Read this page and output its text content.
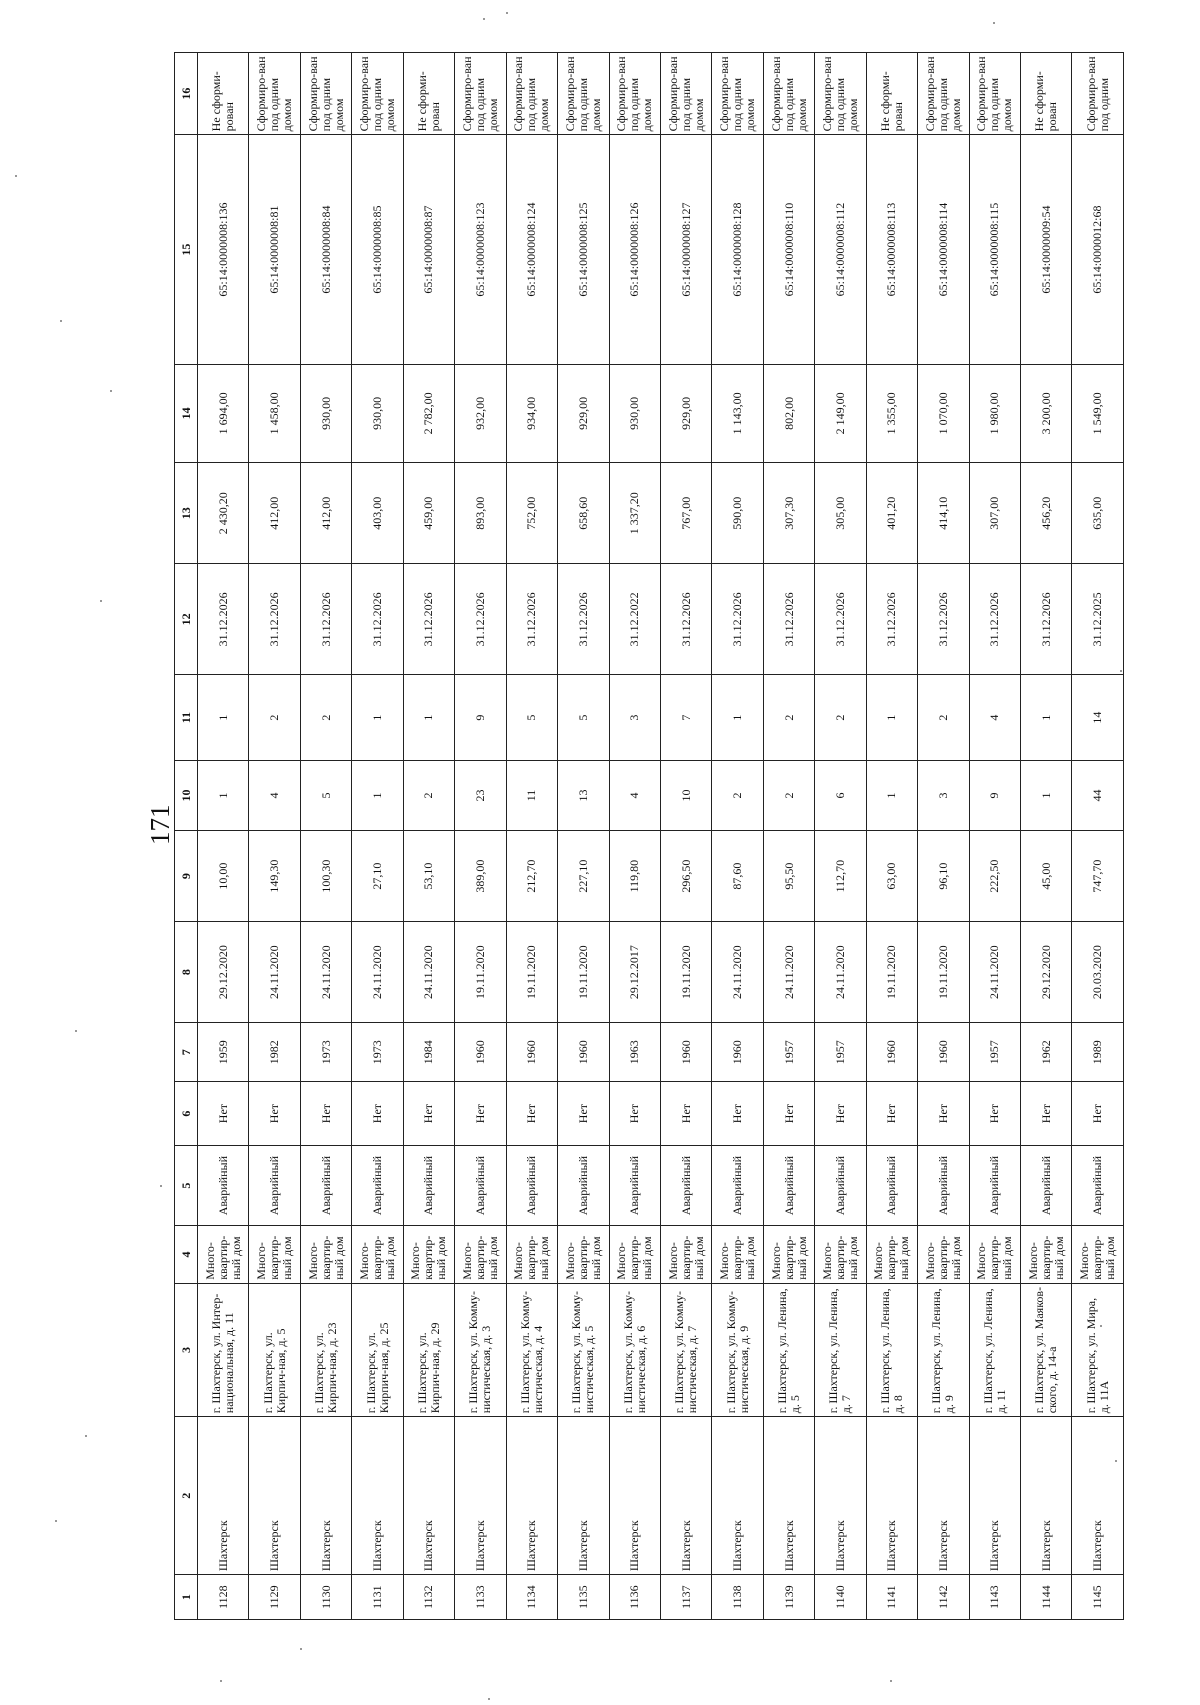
171
1	2	3	4	5	6	7	8	9	10	11	12	13	14	15	16
1128	Шахтерск	г. Шахтерск, ул. Интер-национальная, д. 11	Много-квартир-ный дом	Аварийный	Нет	1959	29.12.2020	10,00	1	1	31.12.2026	2 430,20	1 694,00	65:14:0000008:136	Не сформи-рован
1129	Шахтерск	г. Шахтерск, ул. Кирпич-ная, д. 5	Много-квартир-ный дом	Аварийный	Нет	1982	24.11.2020	149,30	4	2	31.12.2026	412,00	1 458,00	65:14:0000008:81	Сформиро-ван под одним домом
1130	Шахтерск	г. Шахтерск, ул. Кирпич-ная, д. 23	Много-квартир-ный дом	Аварийный	Нет	1973	24.11.2020	100,30	5	2	31.12.2026	412,00	930,00	65:14:0000008:84	Сформиро-ван под одним домом
1131	Шахтерск	г. Шахтерск, ул. Кирпич-ная, д. 25	Много-квартир-ный дом	Аварийный	Нет	1973	24.11.2020	27,10	1	1	31.12.2026	403,00	930,00	65:14:0000008:85	Сформиро-ван под одним домом
1132	Шахтерск	г. Шахтерск, ул. Кирпич-ная, д. 29	Много-квартир-ный дом	Аварийный	Нет	1984	24.11.2020	53,10	2	1	31.12.2026	459,00	2 782,00	65:14:0000008:87	Не сформи-рован
1133	Шахтерск	г. Шахтерск, ул. Комму-нистическая, д. 3	Много-квартир-ный дом	Аварийный	Нет	1960	19.11.2020	389,00	23	9	31.12.2026	893,00	932,00	65:14:0000008:123	Сформиро-ван под одним домом
1134	Шахтерск	г. Шахтерск, ул. Комму-нистическая, д. 4	Много-квартир-ный дом	Аварийный	Нет	1960	19.11.2020	212,70	11	5	31.12.2026	752,00	934,00	65:14:0000008:124	Сформиро-ван под одним домом
1135	Шахтерск	г. Шахтерск, ул. Комму-нистическая, д. 5	Много-квартир-ный дом	Аварийный	Нет	1960	19.11.2020	227,10	13	5	31.12.2026	658,60	929,00	65:14:0000008:125	Сформиро-ван под одним домом
1136	Шахтерск	г. Шахтерск, ул. Комму-нистическая, д. 6	Много-квартир-ный дом	Аварийный	Нет	1963	29.12.2017	119,80	4	3	31.12.2022	1 337,20	930,00	65:14:0000008:126	Сформиро-ван под одним домом
1137	Шахтерск	г. Шахтерск, ул. Комму-нистическая, д. 7	Много-квартир-ный дом	Аварийный	Нет	1960	19.11.2020	296,50	10	7	31.12.2026	767,00	929,00	65:14:0000008:127	Сформиро-ван под одним домом
1138	Шахтерск	г. Шахтерск, ул. Комму-нистическая, д. 9	Много-квартир-ный дом	Аварийный	Нет	1960	24.11.2020	87,60	2	1	31.12.2026	590,00	1 143,00	65:14:0000008:128	Сформиро-ван под одним домом
1139	Шахтерск	г. Шахтерск, ул. Ленина, д. 5	Много-квартир-ный дом	Аварийный	Нет	1957	24.11.2020	95,50	2	2	31.12.2026	307,30	802,00	65:14:0000008:110	Сформиро-ван под одним домом
1140	Шахтерск	г. Шахтерск, ул. Ленина, д. 7	Много-квартир-ный дом	Аварийный	Нет	1957	24.11.2020	112,70	6	2	31.12.2026	305,00	2 149,00	65:14:0000008:112	Сформиро-ван под одним домом
1141	Шахтерск	г. Шахтерск, ул. Ленина, д. 8	Много-квартир-ный дом	Аварийный	Нет	1960	19.11.2020	63,00	1	1	31.12.2026	401,20	1 355,00	65:14:0000008:113	Не сформи-рован
1142	Шахтерск	г. Шахтерск, ул. Ленина, д. 9	Много-квартир-ный дом	Аварийный	Нет	1960	19.11.2020	96,10	3	2	31.12.2026	414,10	1 070,00	65:14:0000008:114	Сформиро-ван под одним домом
1143	Шахтерск	г. Шахтерск, ул. Ленина, д. 11	Много-квартир-ный дом	Аварийный	Нет	1957	24.11.2020	222,50	9	4	31.12.2026	307,00	1 980,00	65:14:0000008:115	Сформиро-ван под одним домом
1144	Шахтерск	г. Шахтерск, ул. Маяков-ского, д. 14-а	Много-квартир-ный дом	Аварийный	Нет	1962	29.12.2020	45,00	1	1	31.12.2026	456,20	3 200,00	65:14:0000009:54	Не сформи-рован
1145	Шахтерск	г. Шахтерск, ул. Мира, д. 11А	Много-квартир-ный дом	Аварийный	Нет	1989	20.03.2020	747,70	44	14	31.12.2025	635,00	1 549,00	65:14:0000012:68	Сформиро-ван под одним
